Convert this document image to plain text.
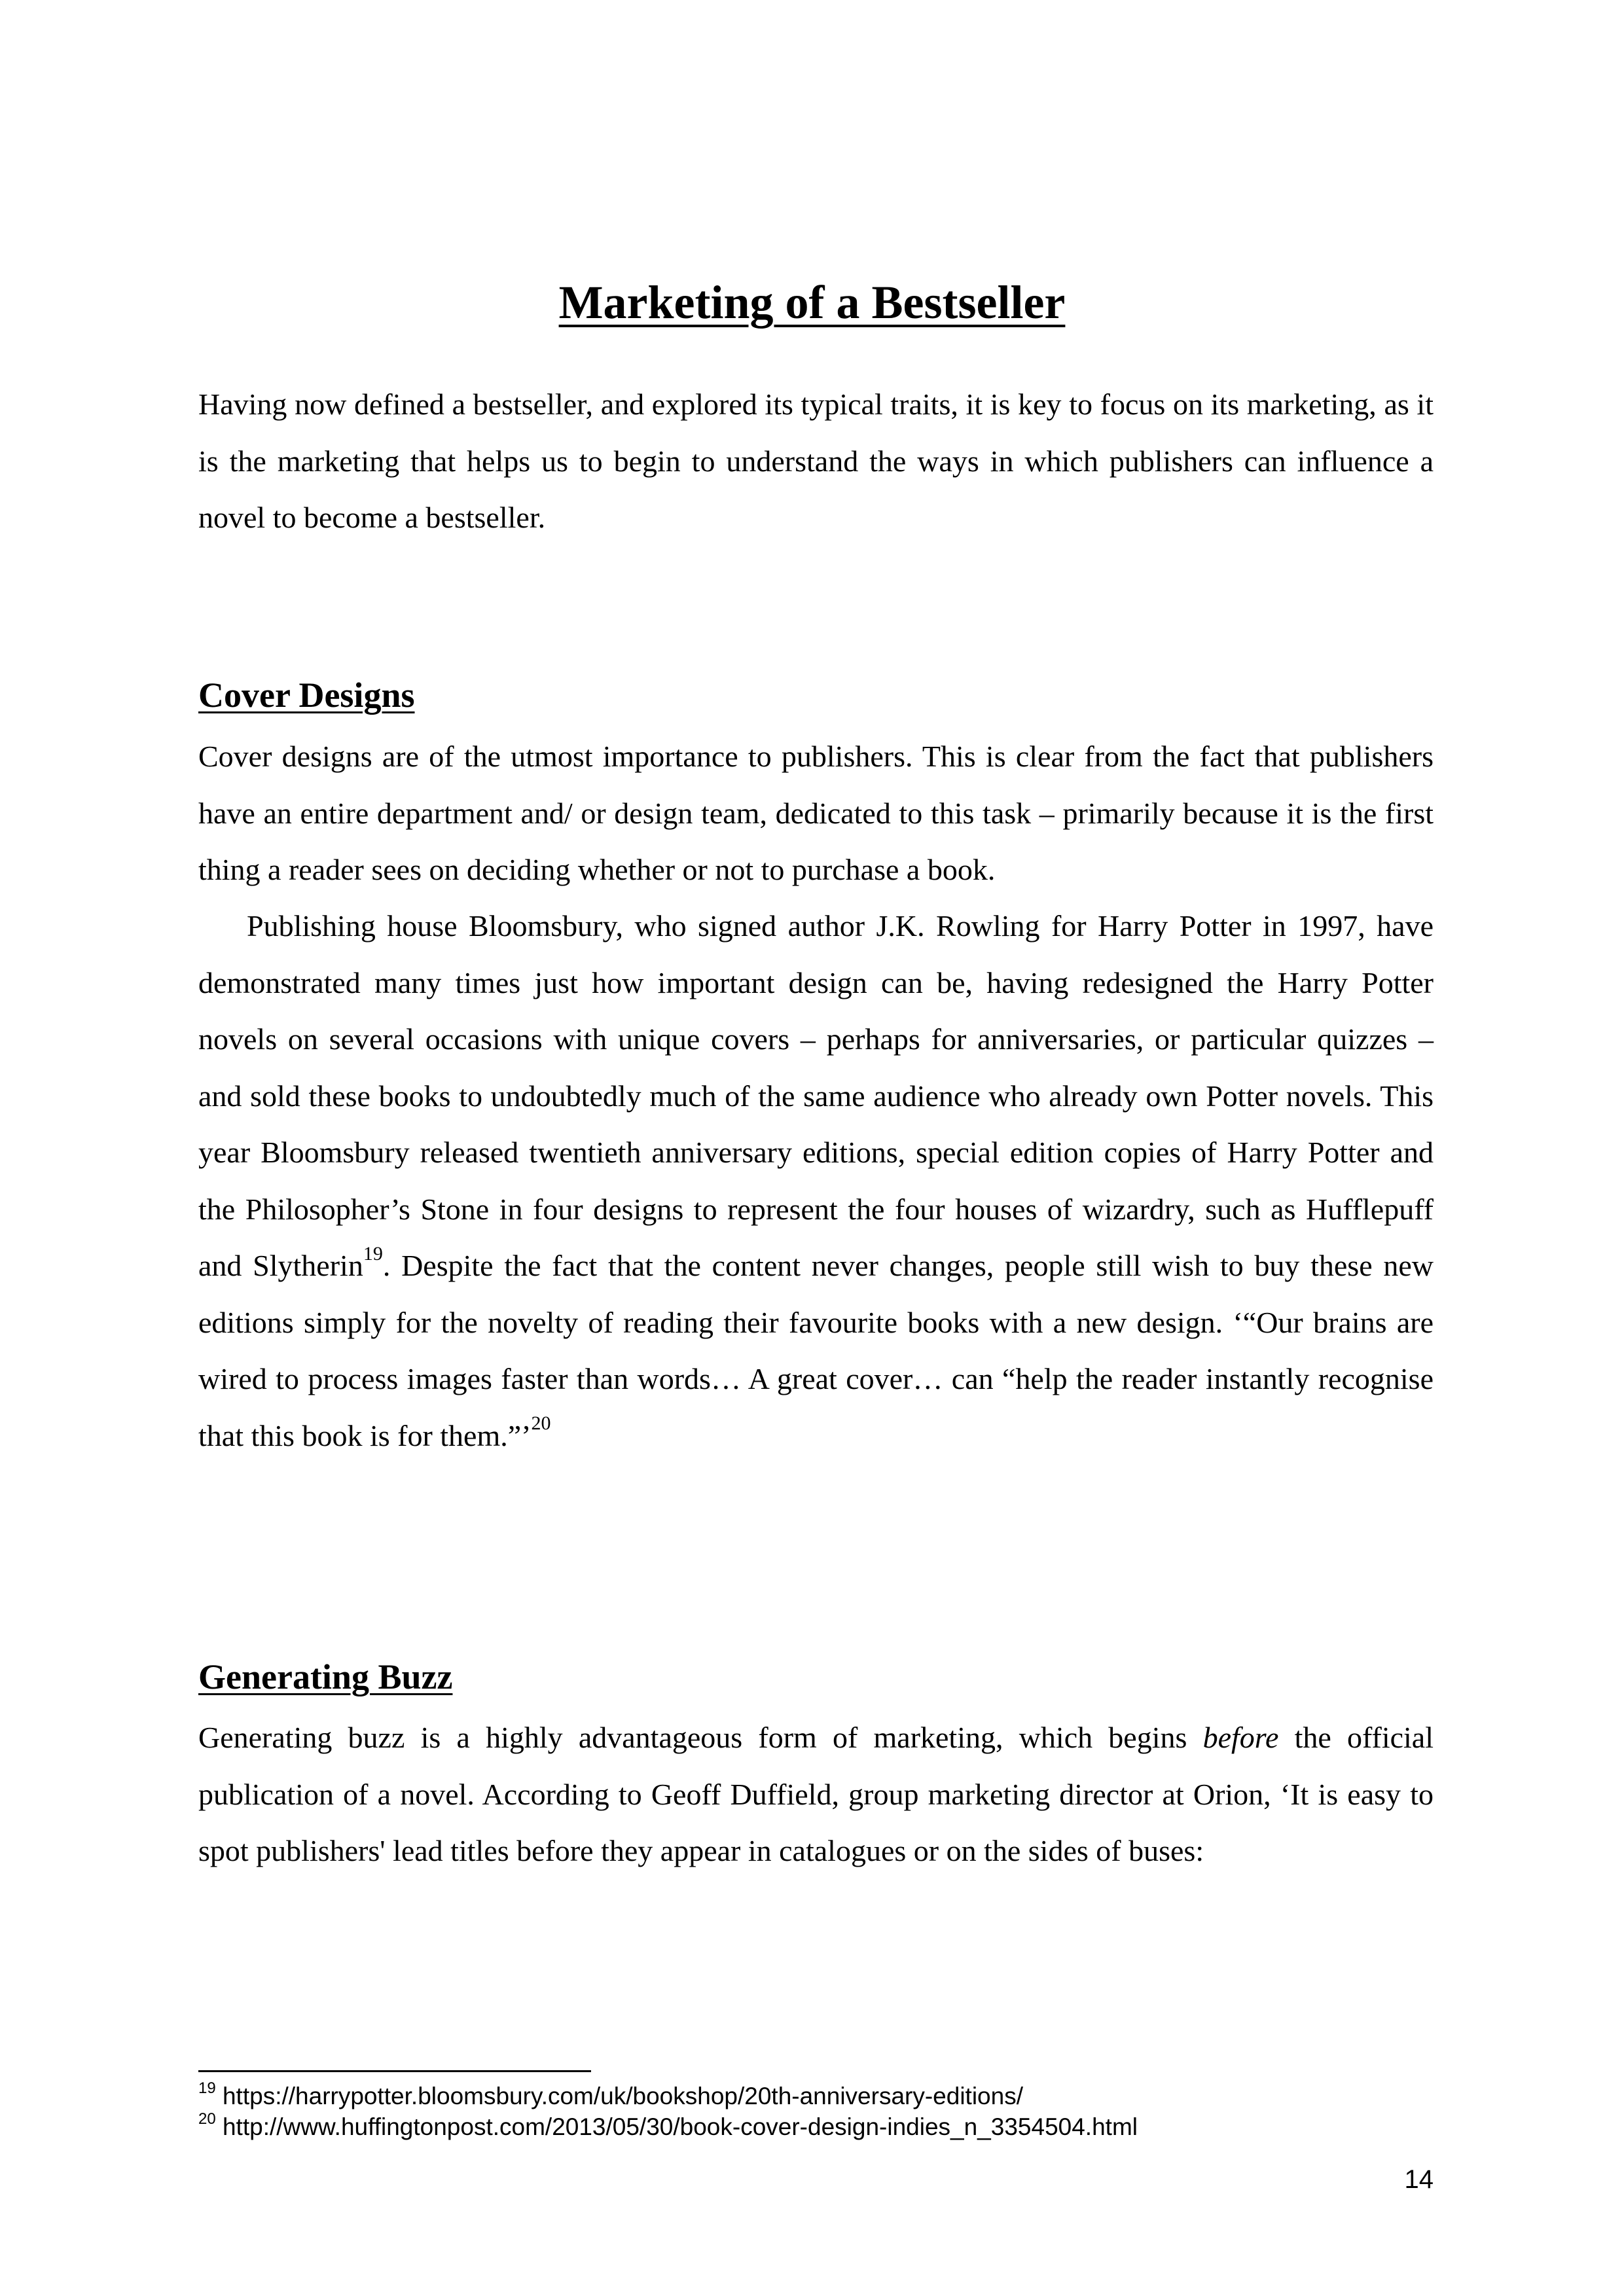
Marketing of a Bestseller

Having now defined a bestseller, and explored its typical traits, it is key to focus on its marketing, as it is the marketing that helps us to begin to understand the ways in which publishers can influence a novel to become a bestseller.

Cover Designs

Cover designs are of the utmost importance to publishers. This is clear from the fact that publishers have an entire department and/ or design team, dedicated to this task – primarily because it is the first thing a reader sees on deciding whether or not to purchase a book.

Publishing house Bloomsbury, who signed author J.K. Rowling for Harry Potter in 1997, have demonstrated many times just how important design can be, having redesigned the Harry Potter novels on several occasions with unique covers – perhaps for anniversaries, or particular quizzes – and sold these books to undoubtedly much of the same audience who already own Potter novels. This year Bloomsbury released twentieth anniversary editions, special edition copies of Harry Potter and the Philosopher’s Stone in four designs to represent the four houses of wizardry, such as Hufflepuff and Slytherin$^{19}$. Despite the fact that the content never changes, people still wish to buy these new editions simply for the novelty of reading their favourite books with a new design. ‘“Our brains are wired to process images faster than words… A great cover… can “help the reader instantly recognise that this book is for them.”’$^{20}$

Generating Buzz

Generating buzz is a highly advantageous form of marketing, which begins before the official publication of a novel. According to Geoff Duffield, group marketing director at Orion, ‘It is easy to spot publishers' lead titles before they appear in catalogues or on the sides of buses:

$^{19}$ https://harrypotter.bloomsbury.com/uk/bookshop/20th-anniversary-editions/

$^{20}$ http://www.huffingtonpost.com/2013/05/30/book-cover-design-indies_n_3354504.html

14
